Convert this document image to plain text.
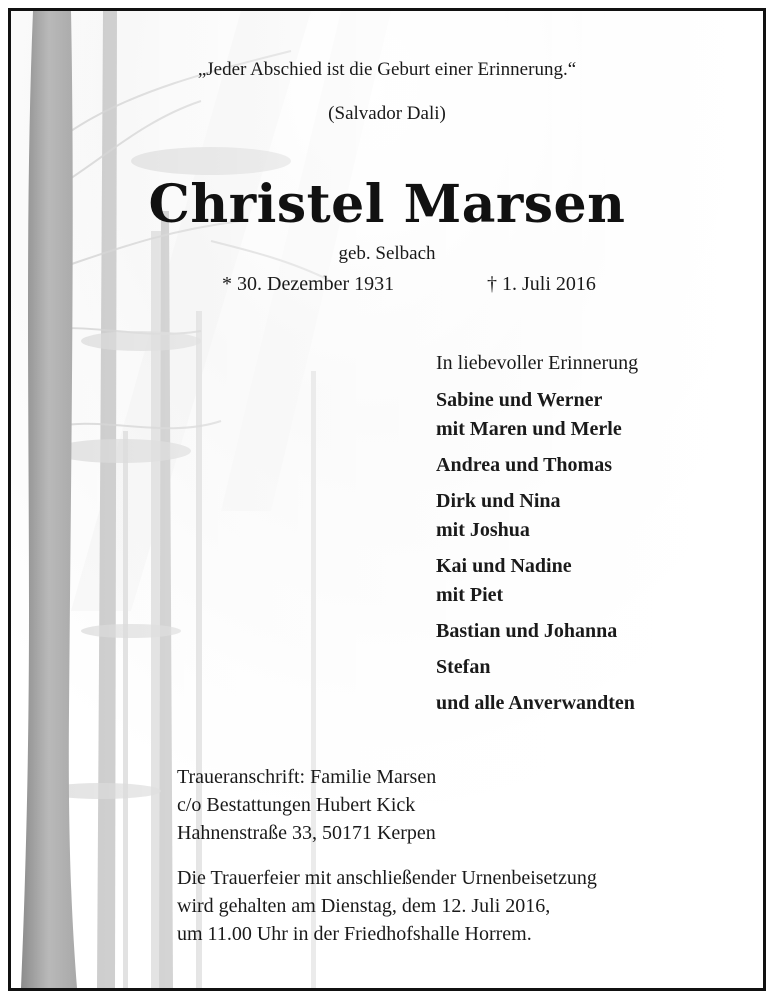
„Jeder Abschied ist die Geburt einer Erinnerung.“

(Salvador Dali)

Christel Marsen

geb. Selbach

* 30. Dezember 1931	† 1. Juli 2016

In liebevoller Erinnerung

Sabine und Werner
mit Maren und Merle
Andrea und Thomas
Dirk und Nina
mit Joshua
Kai und Nadine
mit Piet
Bastian und Johanna
Stefan
und alle Anverwandten
Traueranschrift: Familie Marsen
c/o Bestattungen Hubert Kick
Hahnenstraße 33, 50171 Kerpen
Die Trauerfeier mit anschließender Urnenbeisetzung
wird gehalten am Dienstag, dem 12. Juli 2016,
um 11.00 Uhr in der Friedhofshalle Horrem.
